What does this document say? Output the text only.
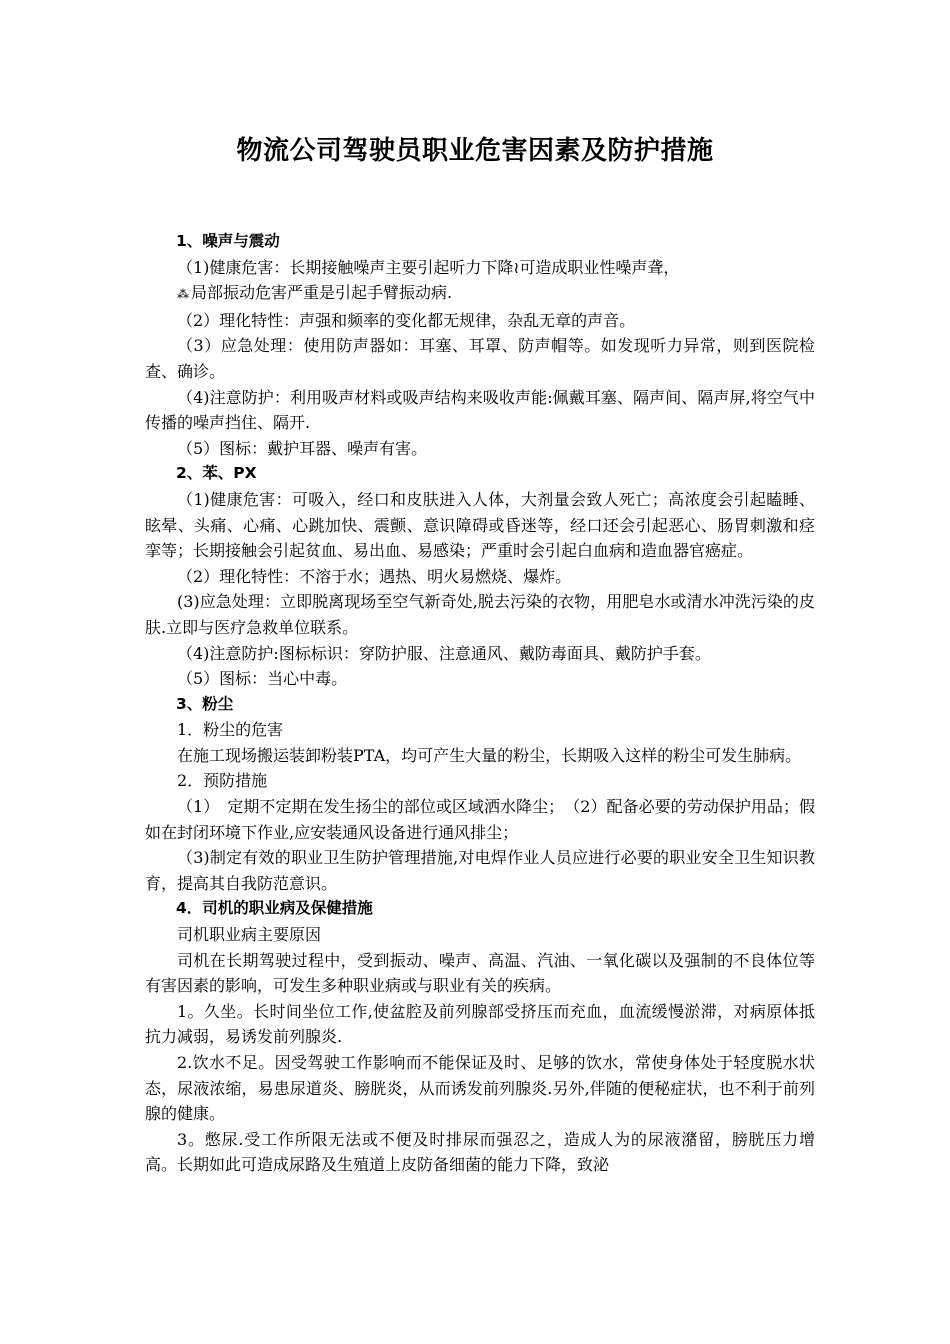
物流公司驾驶员职业危害因素及防护措施

1、噪声与震动

（1)健康危害：长期接触噪声主要引起听力下降≀可造成职业性噪声聋，
⁂ 局部振动危害严重是引起手臂振动病.

（2）理化特性：声强和频率的变化都无规律，杂乱无章的声音。

（3）应急处理：使用防声器如：耳塞、耳罩、防声帽等。如发现听力异常，则到医院检查、确诊。

（4)注意防护：利用吸声材料或吸声结构来吸收声能:佩戴耳塞、隔声间、隔声屏,将空气中传播的噪声挡住、隔开.

（5）图标：戴护耳器、噪声有害。

2、苯、PX

（1)健康危害：可吸入，经口和皮肤进入人体，大剂量会致人死亡；高浓度会引起瞌睡、眩晕、头痛、心痛、心跳加快、震颤、意识障碍或昏迷等，经口还会引起恶心、肠胃刺激和痉挛等；长期接触会引起贫血、易出血、易感染；严重时会引起白血病和造血器官癌症。

（2）理化特性：不溶于水；遇热、明火易燃烧、爆炸。

(3)应急处理：立即脱离现场至空气新奇处,脱去污染的衣物，用肥皂水或清水冲洗污染的皮肤.立即与医疗急救单位联系。

（4)注意防护:图标标识：穿防护服、注意通风、戴防毒面具、戴防护手套。

（5）图标：当心中毒。

3、粉尘

1．粉尘的危害

在施工现场搬运装卸粉装PTA，均可产生大量的粉尘，长期吸入这样的粉尘可发生肺病。

2．预防措施

（1）　定期不定期在发生扬尘的部位或区域洒水降尘；　（2）配备必要的劳动保护用品；假如在封闭环境下作业,应安装通风设备进行通风排尘；

（3)制定有效的职业卫生防护管理措施,对电焊作业人员应进行必要的职业安全卫生知识教育，提高其自我防范意识。

4．司机的职业病及保健措施

司机职业病主要原因

司机在长期驾驶过程中，受到振动、噪声、高温、汽油、一氧化碳以及强制的不良体位等有害因素的影响，可发生多种职业病或与职业有关的疾病。

1。久坐。长时间坐位工作,使盆腔及前列腺部受挤压而充血，血流缓慢淤滞，对病原体抵抗力减弱，易诱发前列腺炎.

2.饮水不足。因受驾驶工作影响而不能保证及时、足够的饮水，常使身体处于轻度脱水状态，尿液浓缩，易患尿道炎、膀胱炎，从而诱发前列腺炎.另外,伴随的便秘症状，也不利于前列腺的健康。

3。憋尿.受工作所限无法或不便及时排尿而强忍之，造成人为的尿液潴留，膀胱压力增高。长期如此可造成尿路及生殖道上皮防备细菌的能力下降，致泌
